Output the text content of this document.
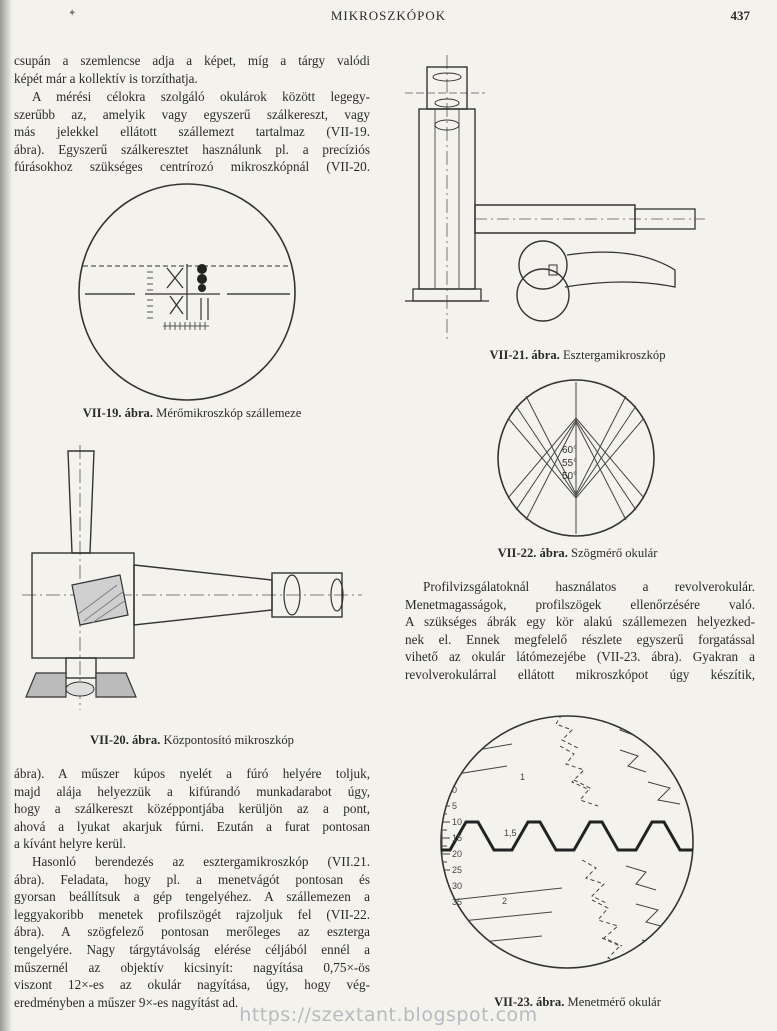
✦	MIKROSZKÓPOK	437
csupán a szemlencse adja a képet, míg a tárgy valódi
képét már a kollektív is torzíthatja.
A mérési célokra szolgáló okulárok között legegy-
szerűbb az, amelyik vagy egyszerű szálkereszt, vagy
más jelekkel ellátott szállemezt tartalmaz (VII-19.
ábra). Egyszerű szálkeresztet használunk pl. a precíziós
fúrásokhoz szükséges centrírozó mikroszkópnál (VII-20.
VII-19. ábra. Mérőmikroszkóp szállemeze
VII-20. ábra. Központosító mikroszkóp
ábra). A műszer kúpos nyelét a fúró helyére toljuk,
majd alája helyezzük a kifúrandó munkadarabot úgy,
hogy a szálkereszt középpontjába kerüljön az a pont,
ahová a lyukat akarjuk fúrni. Ezután a furat pontosan
a kívánt helyre kerül.
Hasonló berendezés az esztergamikroszkóp (VII.21.
ábra). Feladata, hogy pl. a menetvágót pontosan és
gyorsan beállítsuk a gép tengelyéhez. A szállemezen a
leggyakoribb menetek profilszögét rajzoljuk fel (VII-22.
ábra). A szögfelező pontosan merőleges az eszterga
tengelyére. Nagy tárgytávolság elérése céljából ennél a
műszernél az objektív kicsinyít: nagyítása 0,75×-ös
viszont 12×-es az okulár nagyítása, úgy, hogy vég-
eredményben a műszer 9×-es nagyítást ad.
VII-21. ábra. Esztergamikroszkóp
60°
55°
50°
VII-22. ábra. Szögmérő okulár
Profilvizsgálatoknál használatos a revolverokulár.
Menetmagasságok, profilszögek ellenőrzésére való.
A szükséges ábrák egy kör alakú szállemezen helyezked-
nek el. Ennek megfelelő részlete egyszerű forgatással
vihető az okulár látómezejébe (VII-23. ábra). Gyakran a
revolverokulárral ellátott mikroszkópot úgy készítik,
0
5
10
15
20
25
30
35
1
1,5
2
VII-23. ábra. Menetmérő okulár
https://szextant.blogspot.com
